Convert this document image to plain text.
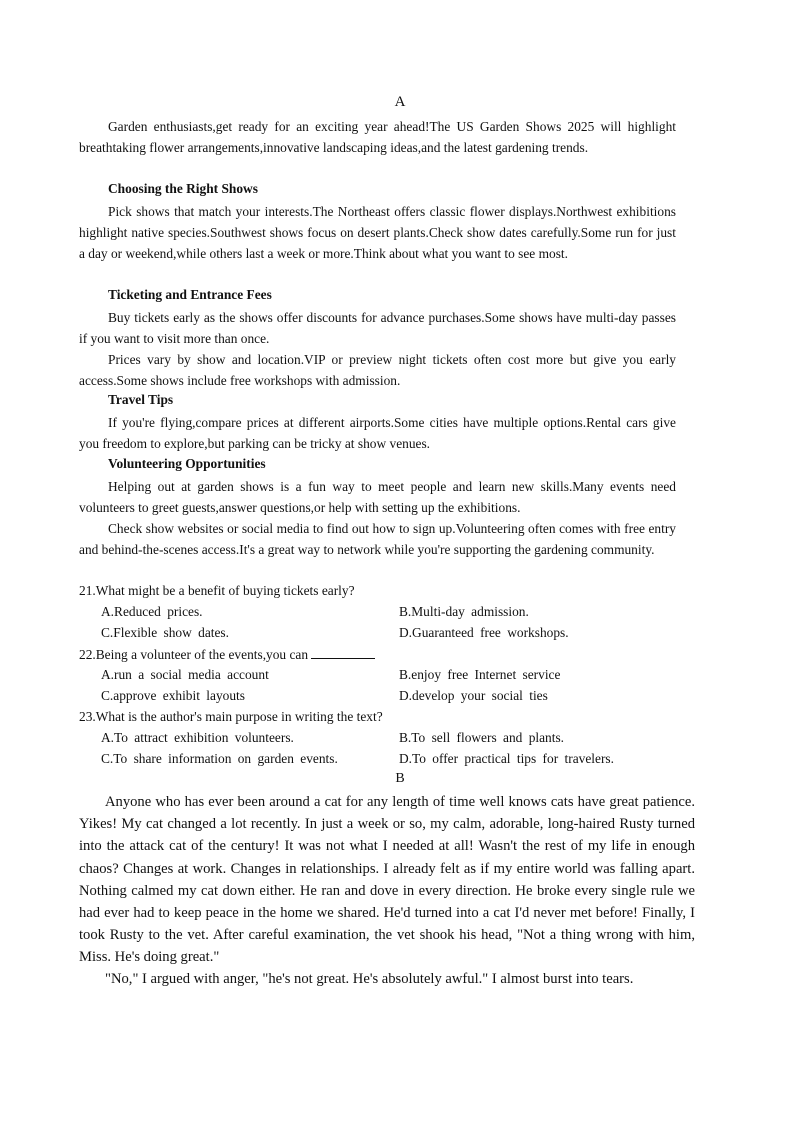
A

Garden enthusiasts,get ready for an exciting year ahead!The US Garden Shows 2025 will highlight breathtaking flower arrangements,innovative landscaping ideas,and the latest gardening trends.

Choosing the Right Shows

Pick shows that match your interests.The Northeast offers classic flower displays.Northwest exhibitions highlight native species.Southwest shows focus on desert plants.Check show dates carefully.Some run for just a day or weekend,while others last a week or more.Think about what you want to see most.

Ticketing and Entrance Fees

Buy tickets early as the shows offer discounts for advance purchases.Some shows have multi-day passes if you want to visit more than once.

Prices vary by show and location.VIP or preview night tickets often cost more but give you early access.Some shows include free workshops with admission.

Travel Tips

If you're flying,compare prices at different airports.Some cities have multiple options.Rental cars give you freedom to explore,but parking can be tricky at show venues.

Volunteering Opportunities

Helping out at garden shows is a fun way to meet people and learn new skills.Many events need volunteers to greet guests,answer questions,or help with setting up the exhibitions.

Check show websites or social media to find out how to sign up.Volunteering often comes with free entry and behind-the-scenes access.It's a great way to network while you're supporting the gardening community.

21.What might be a benefit of buying tickets early?

A.Reduced prices.	B.Multi-day admission.

C.Flexible show dates.	D.Guaranteed free workshops.

22.Being a volunteer of the events,you can

A.run a social media account	B.enjoy free Internet service

C.approve exhibit layouts	D.develop your social ties

23.What is the author's main purpose in writing the text?

A.To attract exhibition volunteers.	B.To sell flowers and plants.

C.To share information on garden events.	D.To offer practical tips for travelers.

B

Anyone who has ever been around a cat for any length of time well knows cats have great patience. Yikes! My cat changed a lot recently. In just a week or so, my calm, adorable, long-haired Rusty turned into the attack cat of the century! It was not what I needed at all! Wasn't the rest of my life in enough chaos? Changes at work. Changes in relationships. I already felt as if my entire world was falling apart. Nothing calmed my cat down either. He ran and dove in every direction. He broke every single rule we had ever had to keep peace in the home we shared. He'd turned into a cat I'd never met before! Finally, I took Rusty to the vet. After careful examination, the vet shook his head, "Not a thing wrong with him, Miss. He's doing great."

"No," I argued with anger, "he's not great. He's absolutely awful." I almost burst into tears.
